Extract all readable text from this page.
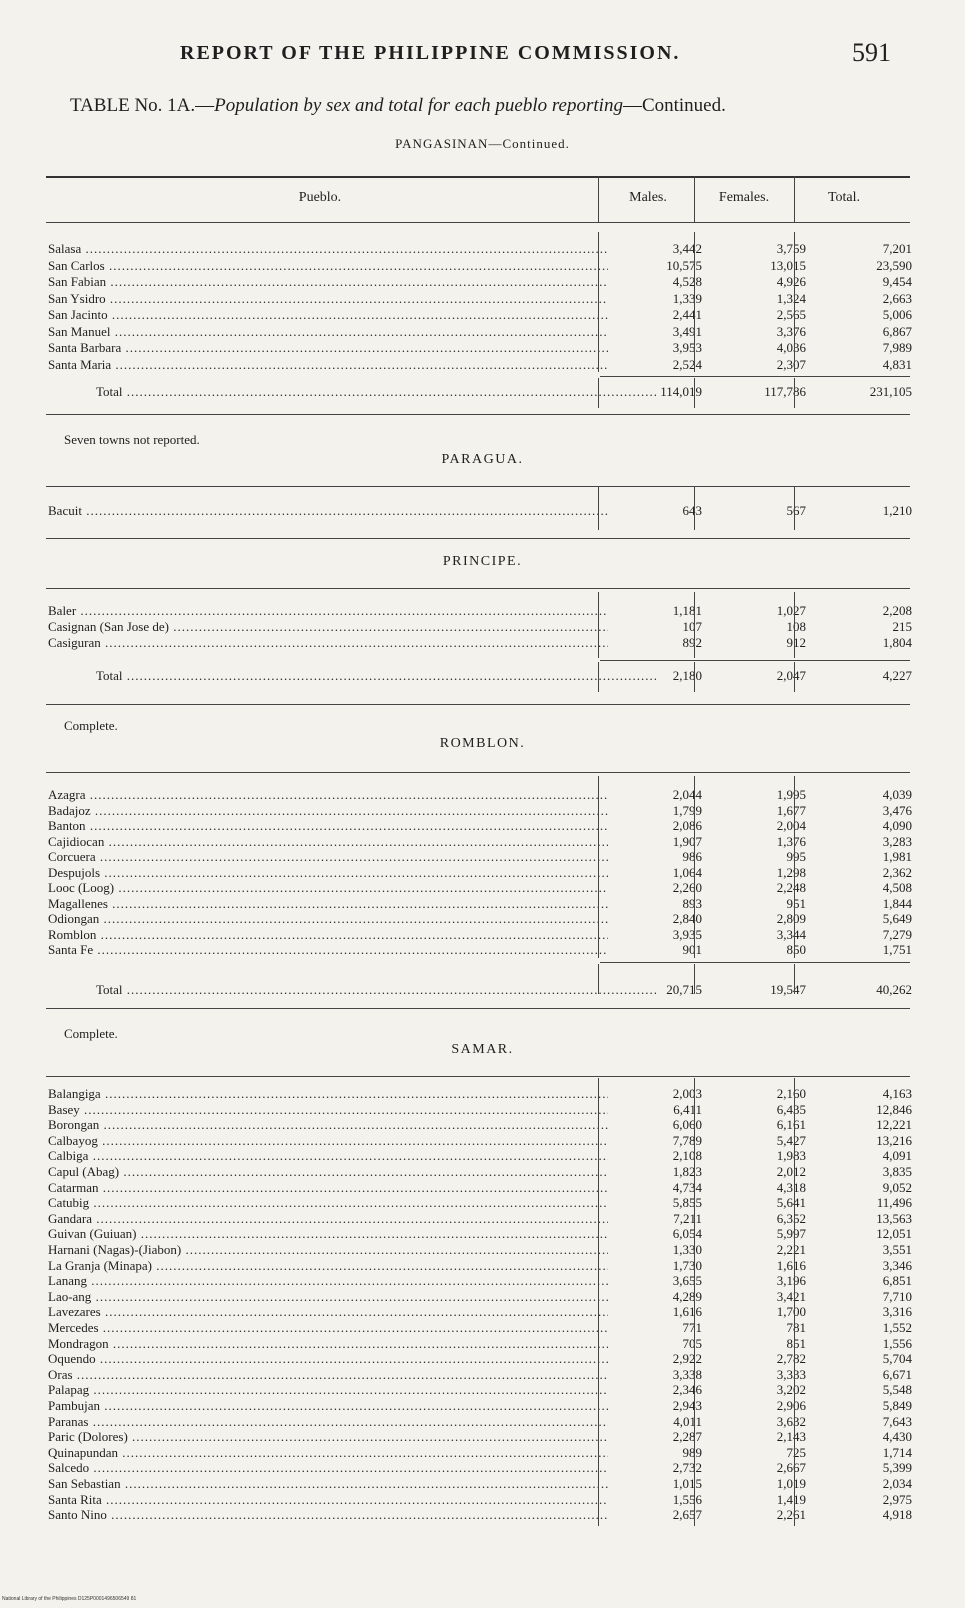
REPORT OF THE PHILIPPINE COMMISSION.	591
TABLE No. 1A.—Population by sex and total for each pueblo reporting—Continued.
PANGASINAN—Continued.
Pueblo.	Males.	Females.	Total.
Salasa .....	3,442	3,759	7,201
San Carlos .....	10,575	13,015	23,590
San Fabian .....	4,528	4,926	9,454
San Ysidro .....	1,339	1,324	2,663
San Jacinto .....	2,441	2,565	5,006
San Manuel .....	3,491	3,376	6,867
Santa Barbara .....	3,953	4,036	7,989
Santa Maria .....	2,524	2,307	4,831
Total .....	114,019	117,786	231,105
Seven towns not reported.
PARAGUA.
Bacuit .....	643	567	1,210
PRINCIPE.
Baler .....	1,181	1,027	2,208
Casignan (San Jose de) .....	107	108	215
Casiguran .....	892	912	1,804
Total .....	2,180	2,047	4,227
Complete.
ROMBLON.
Azagra .....	2,044	1,995	4,039
Badajoz .....	1,799	1,677	3,476
Banton .....	2,086	2,004	4,090
Cajidiocan .....	1,907	1,376	3,283
Corcuera .....	986	995	1,981
Despujols .....	1,064	1,298	2,362
Looc (Loog) .....	2,260	2,248	4,508
Magallenes .....	893	951	1,844
Odiongan .....	2,840	2,809	5,649
Romblon .....	3,935	3,344	7,279
Santa Fe .....	901	850	1,751
Total .....	20,715	19,547	40,262
Complete.
SAMAR.
Balangiga .....	2,003	2,160	4,163
Basey .....	6,411	6,435	12,846
Borongan .....	6,060	6,161	12,221
Calbayog .....	7,789	5,427	13,216
Calbiga .....	2,108	1,983	4,091
Capul (Abag) .....	1,823	2,012	3,835
Catarman .....	4,734	4,318	9,052
Catubig .....	5,855	5,641	11,496
Gandara .....	7,211	6,352	13,563
Guivan (Guiuan) .....	6,054	5,997	12,051
Harnani (Nagas)-(Jiabon) .....	1,330	2,221	3,551
La Granja (Minapa) .....	1,730	1,616	3,346
Lanang .....	3,655	3,196	6,851
Lao-ang .....	4,289	3,421	7,710
Lavezares .....	1,616	1,700	3,316
Mercedes .....	771	781	1,552
Mondragon .....	705	851	1,556
Oquendo .....	2,922	2,782	5,704
Oras .....	3,338	3,333	6,671
Palapag .....	2,346	3,202	5,548
Pambujan .....	2,943	2,906	5,849
Paranas .....	4,011	3,632	7,643
Paric (Dolores) .....	2,287	2,143	4,430
Quinapundan .....	989	725	1,714
Salcedo .....	2,732	2,667	5,399
San Sebastian .....	1,015	1,019	2,034
Santa Rita .....	1,556	1,419	2,975
Santo Nino .....	2,657	2,261	4,918
National Library of the Philippines D125P0001496506549 81
